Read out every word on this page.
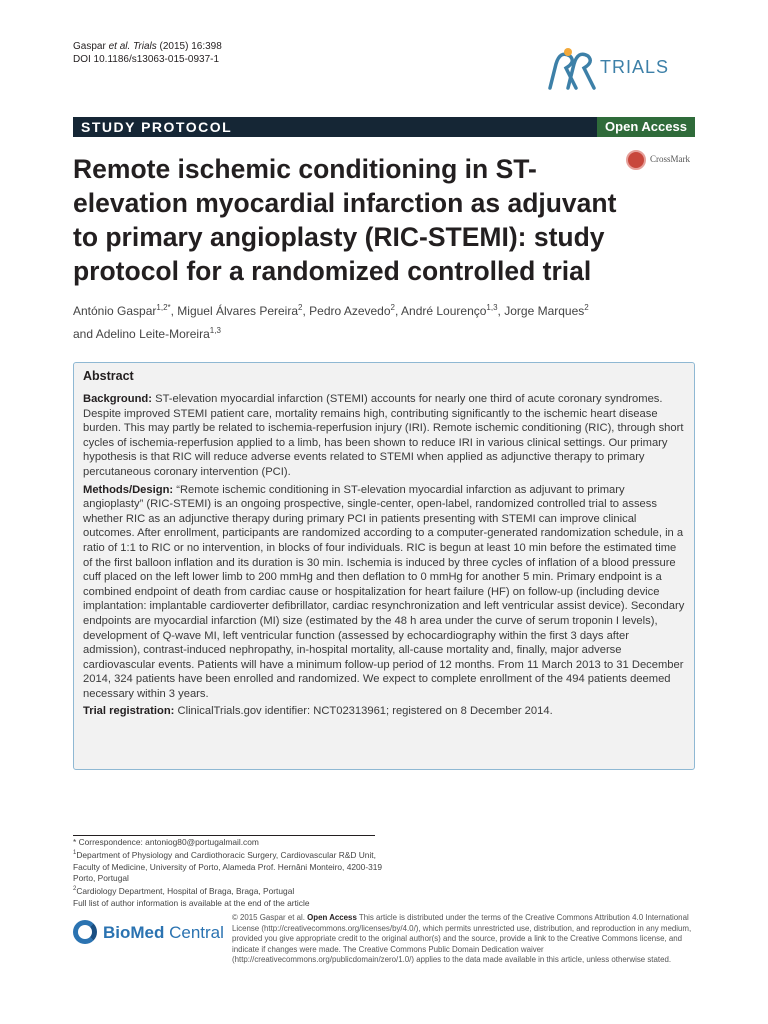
Gaspar et al. Trials (2015) 16:398
DOI 10.1186/s13063-015-0937-1	TRIALS
STUDY PROTOCOL	Open Access
CrossMark
Remote ischemic conditioning in ST-elevation myocardial infarction as adjuvant to primary angioplasty (RIC-STEMI): study protocol for a randomized controlled trial
António Gaspar$^{1,2*}$, Miguel Álvares Pereira$^2$, Pedro Azevedo$^2$, André Lourenço$^{1,3}$, Jorge Marques$^2$
and Adelino Leite-Moreira$^{1,3}$
Abstract

Background: ST-elevation myocardial infarction (STEMI) accounts for nearly one third of acute coronary syndromes. Despite improved STEMI patient care, mortality remains high, contributing significantly to the ischemic heart disease burden. This may partly be related to ischemia-reperfusion injury (IRI). Remote ischemic conditioning (RIC), through short cycles of ischemia-reperfusion applied to a limb, has been shown to reduce IRI in various clinical settings. Our primary hypothesis is that RIC will reduce adverse events related to STEMI when applied as adjunctive therapy to primary percutaneous coronary intervention (PCI).

Methods/Design: “Remote ischemic conditioning in ST-elevation myocardial infarction as adjuvant to primary angioplasty” (RIC-STEMI) is an ongoing prospective, single-center, open-label, randomized controlled trial to assess whether RIC as an adjunctive therapy during primary PCI in patients presenting with STEMI can improve clinical outcomes. After enrollment, participants are randomized according to a computer-generated randomization schedule, in a ratio of 1:1 to RIC or no intervention, in blocks of four individuals. RIC is begun at least 10 min before the estimated time of the first balloon inflation and its duration is 30 min. Ischemia is induced by three cycles of inflation of a blood pressure cuff placed on the left lower limb to 200 mmHg and then deflation to 0 mmHg for another 5 min. Primary endpoint is a combined endpoint of death from cardiac cause or hospitalization for heart failure (HF) on follow-up (including device implantation: implantable cardioverter defibrillator, cardiac resynchronization and left ventricular assist device). Secondary endpoints are myocardial infarction (MI) size (estimated by the 48 h area under the curve of serum troponin I levels), development of Q-wave MI, left ventricular function (assessed by echocardiography within the first 3 days after admission), contrast-induced nephropathy, in-hospital mortality, all-cause mortality and, finally, major adverse cardiovascular events. Patients will have a minimum follow-up period of 12 months. From 11 March 2013 to 31 December 2014, 324 patients have been enrolled and randomized. We expect to complete enrollment of the 494 patients deemed necessary within 3 years.

Trial registration: ClinicalTrials.gov identifier: NCT02313961; registered on 8 December 2014.

* Correspondence: antoniog80@portugalmail.com
$^1$Department of Physiology and Cardiothoracic Surgery, Cardiovascular R&D Unit, Faculty of Medicine, University of Porto, Alameda Prof. Hernâni Monteiro, 4200-319 Porto, Portugal
$^2$Cardiology Department, Hospital of Braga, Braga, Portugal
Full list of author information is available at the end of the article
BioMed Central
© 2015 Gaspar et al. Open Access This article is distributed under the terms of the Creative Commons Attribution 4.0 International License (http://creativecommons.org/licenses/by/4.0/), which permits unrestricted use, distribution, and reproduction in any medium, provided you give appropriate credit to the original author(s) and the source, provide a link to the Creative Commons license, and indicate if changes were made. The Creative Commons Public Domain Dedication waiver (http://creativecommons.org/publicdomain/zero/1.0/) applies to the data made available in this article, unless otherwise stated.
